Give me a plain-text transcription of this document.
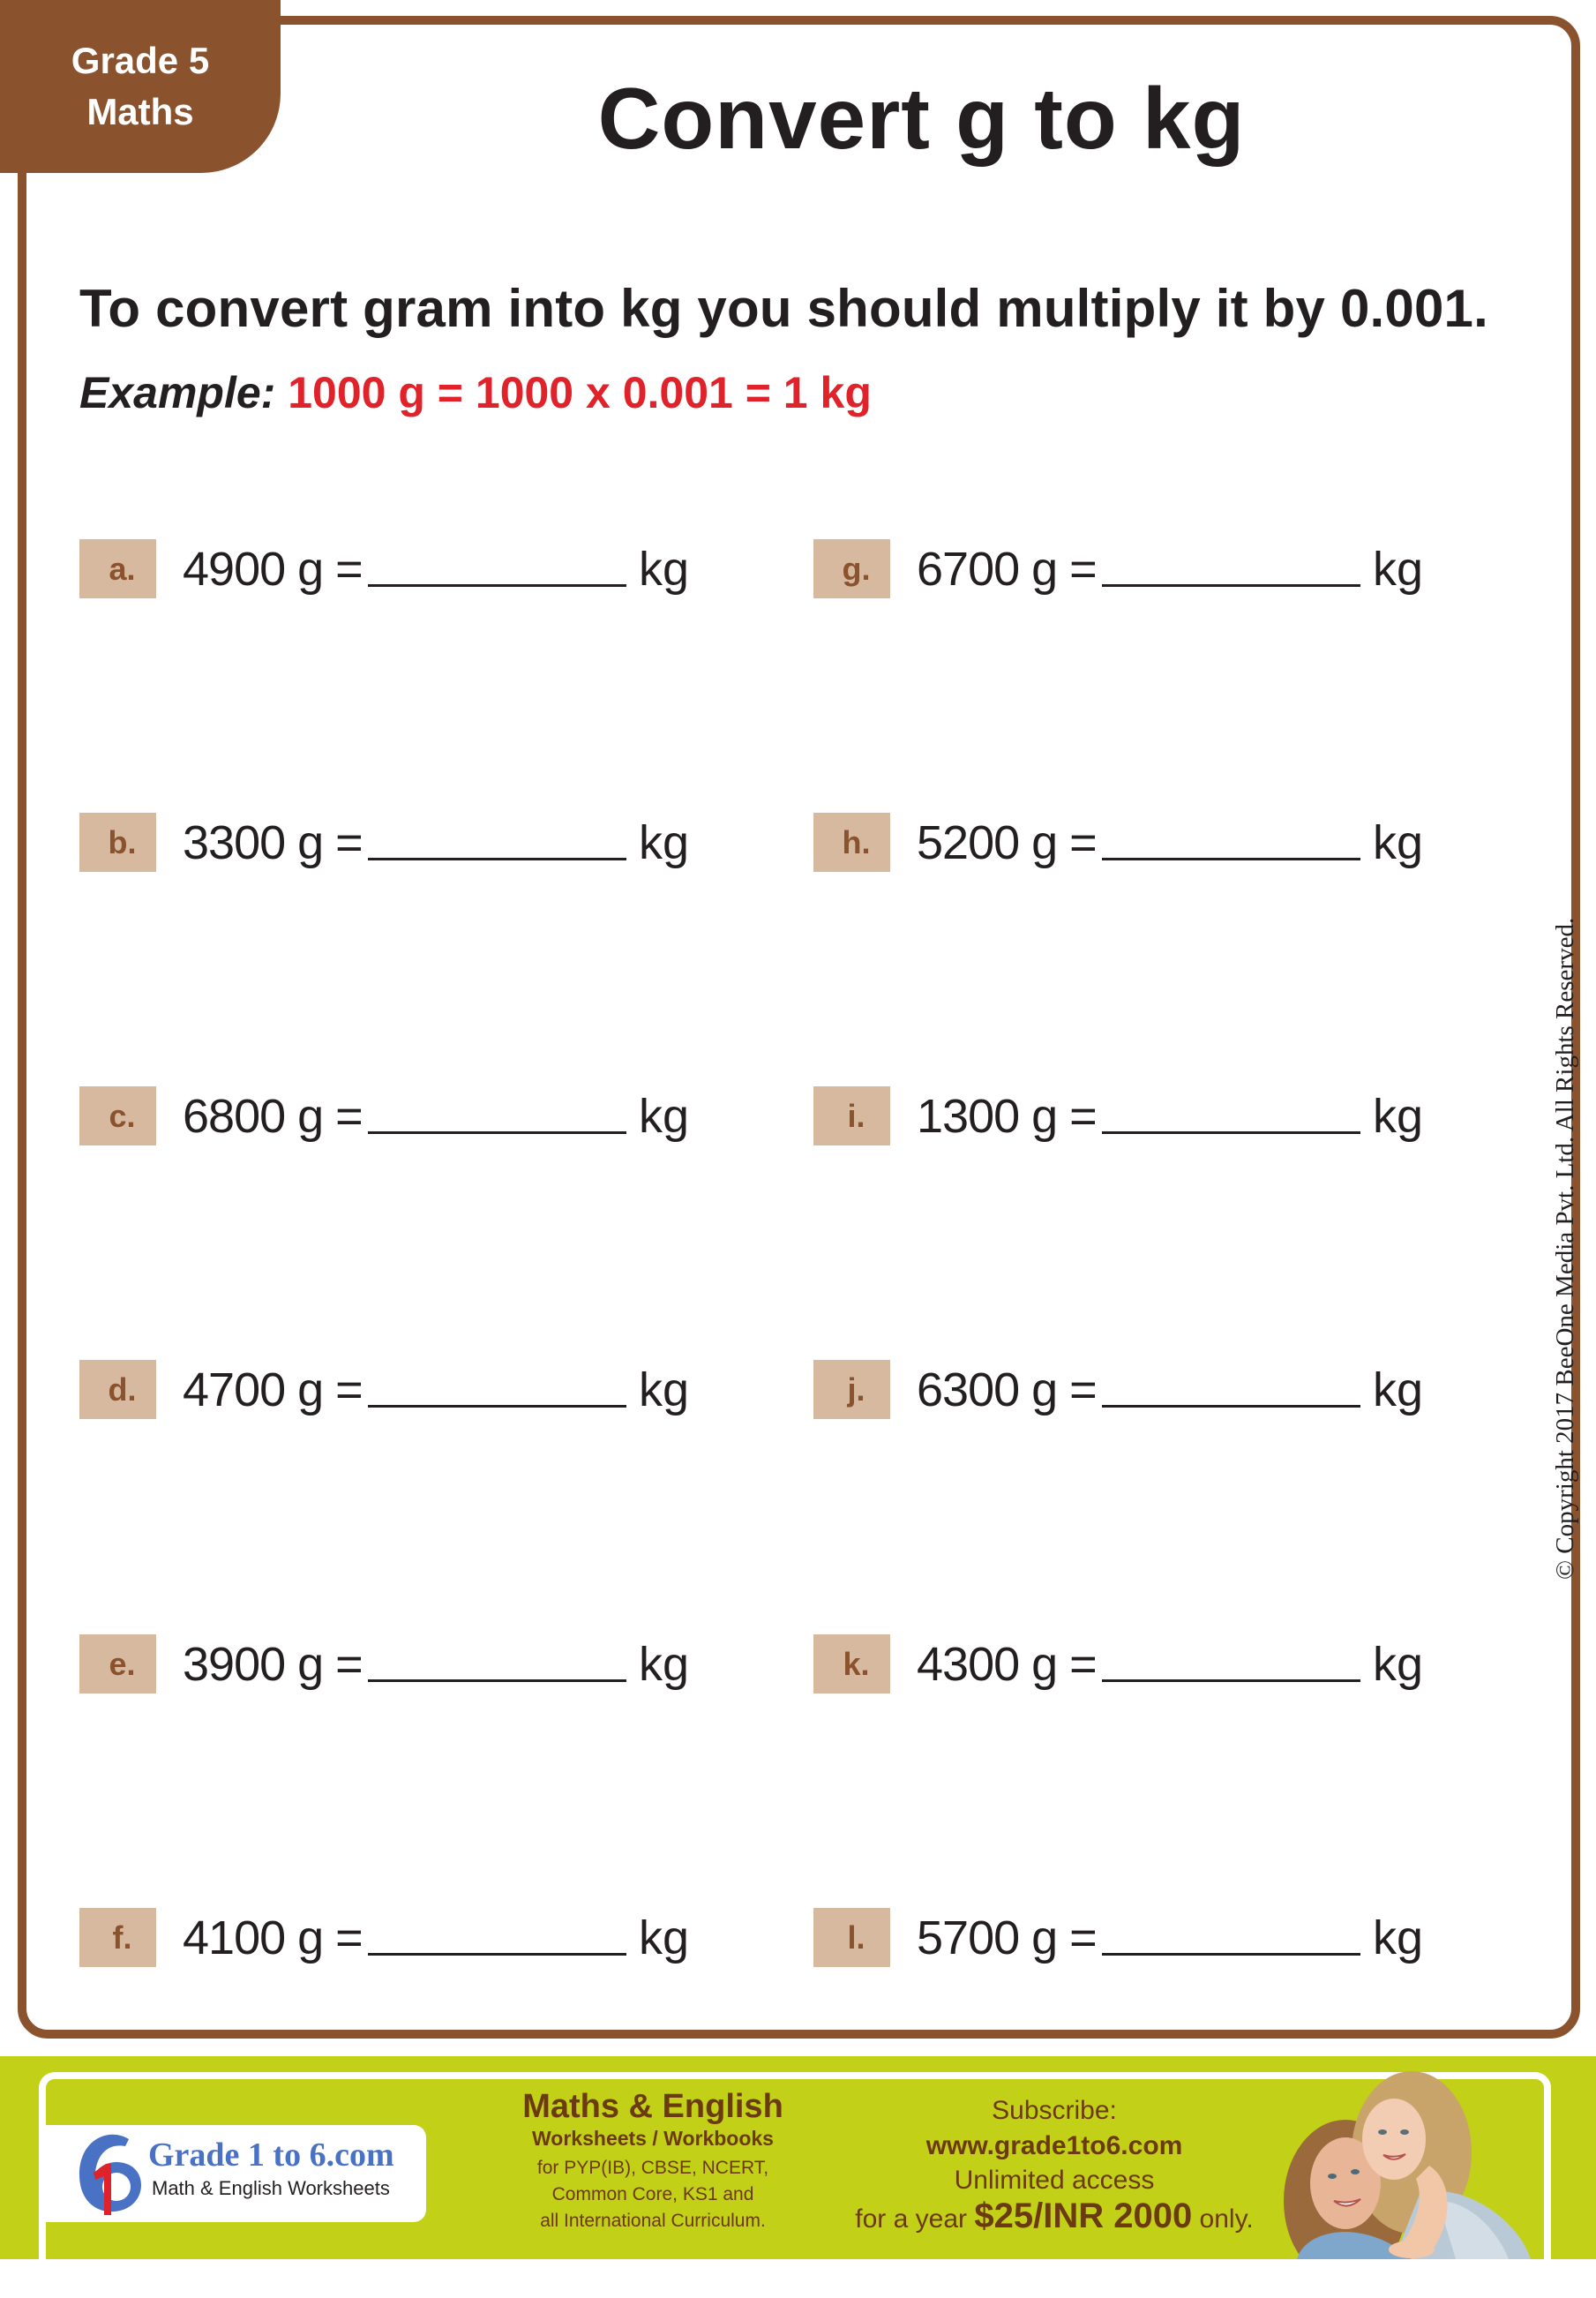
Grade 5
Maths	Convert g to kg
To convert gram into kg you should multiply it by 0.001.
Example: 1000 g = 1000 x 0.001 = 1 kg
a. 4900 g =	kg
b. 3300 g =	kg
c. 6800 g =	kg
d. 4700 g =	kg
e. 3900 g =	kg
f.	4100 g =	kg
g. 6700 g =	kg
h. 5200 g =	kg
i.	1300 g =	kg
j.	6300 g =	kg
k. 4300 g =	kg
l.	5700 g =	kg
© Copyright 2017 BeeOne Media Pvt. Ltd. All Rights Reserved.
Grade 1 to 6.com
Math & English Worksheets
Maths & English
Worksheets / Workbooks
for PYP(IB), CBSE, NCERT,
Common Core, KS1 and
all International Curriculum.
Subscribe:
www.grade1to6.com
Unlimited access
for a year $25/INR 2000 only.
